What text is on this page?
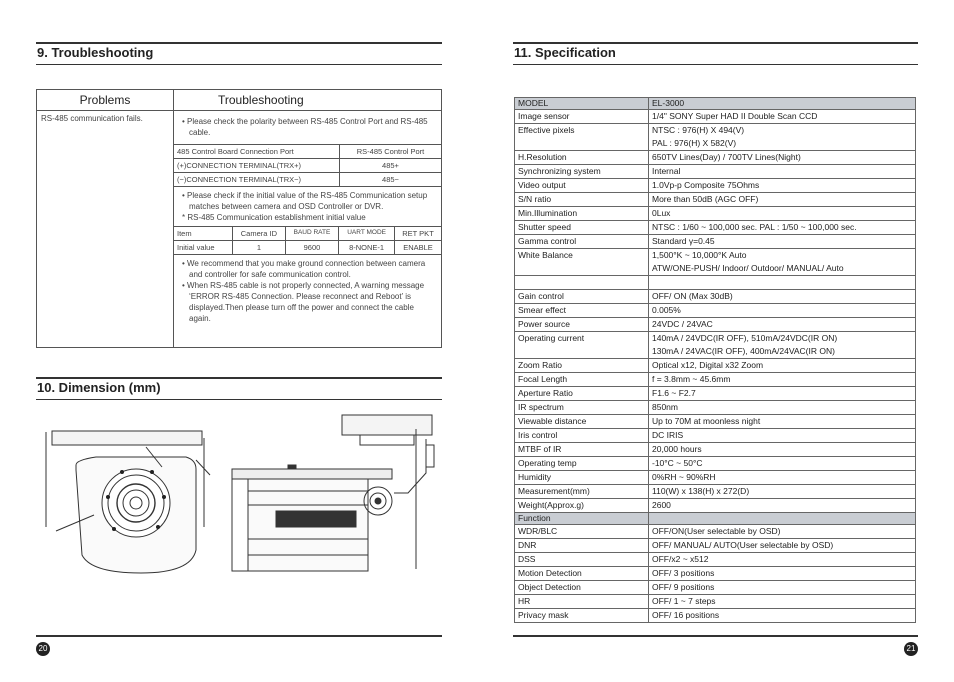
9. Troubleshooting
Problems	Troubleshooting
RS-485 communication fails.	• Please check the polarity between RS-485 Control Port and RS-485 cable.
485 Control Board Connection Port	RS-485 Control Port
(+)CONNECTION TERMINAL(TRX+)	485+
(−)CONNECTION TERMINAL(TRX−)	485−
• Please check if the initial value of the RS-485 Communication setup matches between camera and OSD Controller or DVR.
* RS-485 Communication establishment initial value
Item	Camera ID	BAUD RATE	UART MODE	RET PKT
Initial value	1	9600	8-NONE-1	ENABLE
• We recommend that you make ground connection between camera and controller for safe communication control.
• When RS-485 cable is not properly connected, A warning message ‘ERROR RS-485 Connection. Please reconnect and Reboot’ is displayed.Then please turn off the power and connect the cable again.
10. Dimension (mm)
20
11. Specification
MODEL	EL-3000

Image sensor	1/4" SONY Super HAD II Double Scan CCD

Effective pixels	NTSC : 976(H) X 494(V)
PAL : 976(H) X 582(V)

H.Resolution	650TV Lines(Day) / 700TV Lines(Night)

Synchronizing system	Internal

Video output	1.0Vp-p Composite 75Ohms

S/N ratio	More than 50dB (AGC OFF)

Min.Illumination	0Lux

Shutter speed	NTSC : 1/60 ~ 100,000 sec. PAL : 1/50 ~ 100,000 sec.

Gamma control	Standard γ=0.45

White Balance	1,500°K ~ 10,000°K Auto
ATW/ONE-PUSH/ Indoor/ Outdoor/ MANUAL/ Auto

Gain control	OFF/ ON (Max 30dB)

Smear effect	0.005%

Power source	24VDC / 24VAC

Operating current	140mA / 24VDC(IR OFF), 510mA/24VDC(IR ON)
130mA / 24VAC(IR OFF), 400mA/24VAC(IR ON)

Zoom Ratio	Optical x12, Digital x32 Zoom

Focal Length	f = 3.8mm ~ 45.6mm

Aperture Ratio	F1.6 ~ F2.7

IR spectrum	850nm

Viewable distance	Up to 70M at moonless night

Iris control	DC IRIS

MTBF of IR	20,000 hours

Operating temp	-10°C ~ 50°C

Humidity	0%RH ~ 90%RH

Measurement(mm)	110(W) x 138(H) x 272(D)

Weight(Approx.g)	2600

Function	

WDR/BLC	OFF/ON(User selectable by OSD)

DNR	OFF/ MANUAL/ AUTO(User selectable by OSD)

DSS	OFF/x2 ~ x512

Motion Detection	OFF/ 3 positions

Object Detection	OFF/ 9 positions

HR	OFF/ 1 ~ 7 steps

Privacy mask	OFF/ 16 positions
21
